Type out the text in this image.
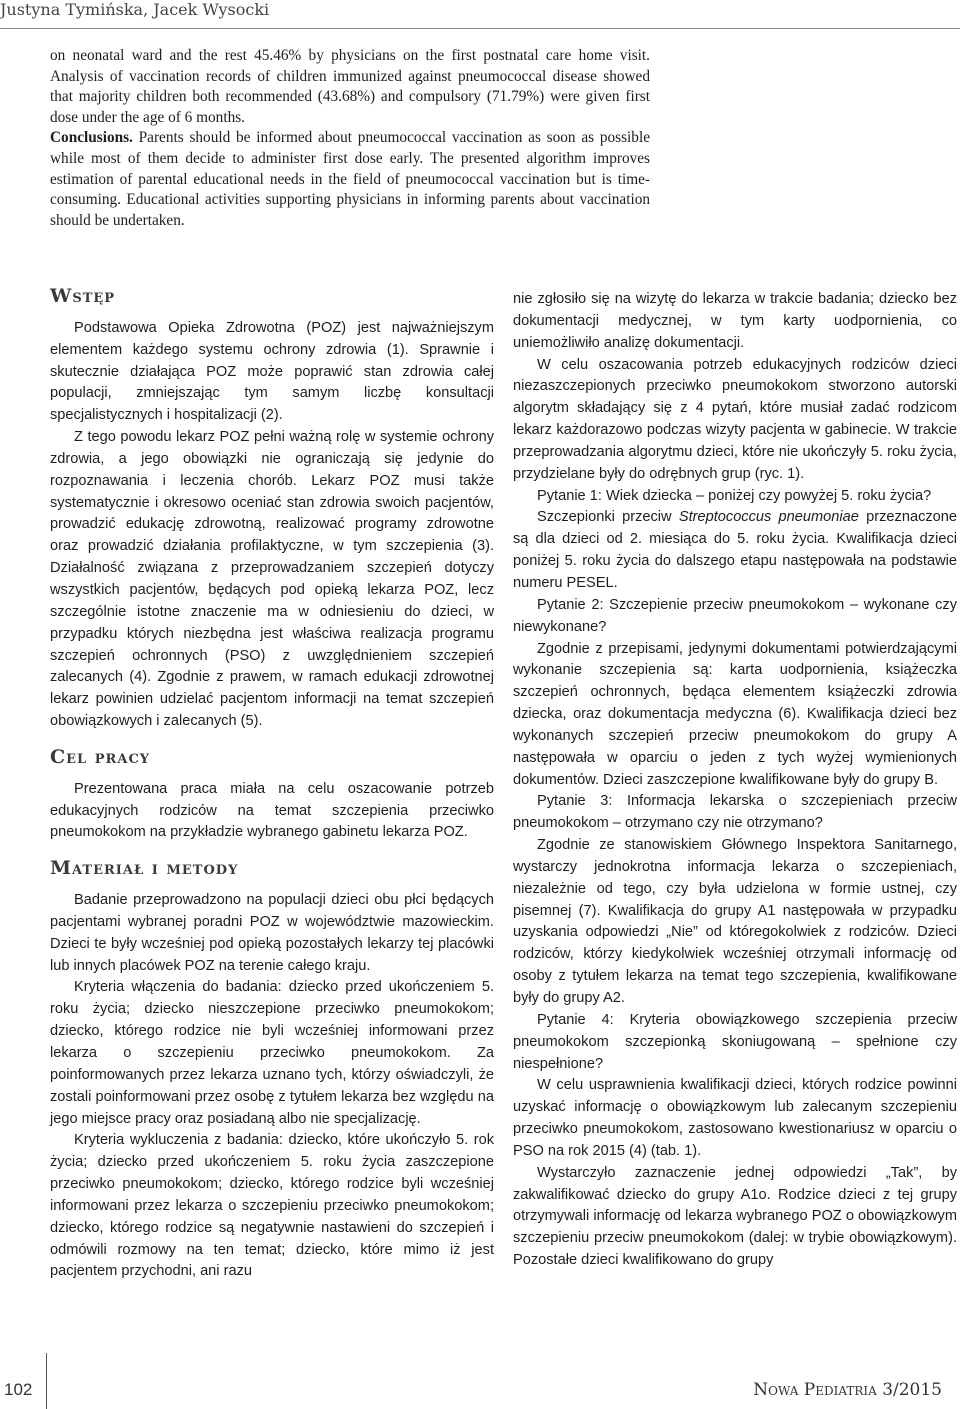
Justyna Tymińska, Jacek Wysocki

on neonatal ward and the rest 45.46% by physicians on the first postnatal care home visit. Analysis of vaccination records of children immunized against pneumococcal disease showed that majority children both recommended (43.68%) and compulsory (71.79%) were given first dose under the age of 6 months.
Conclusions. Parents should be informed about pneumococcal vaccination as soon as possible while most of them decide to administer first dose early. The presented algorithm improves estimation of parental educational needs in the field of pneumococcal vaccination but is time-consuming. Educational activities supporting physicians in informing parents about vaccination should be undertaken.

Wstęp

Podstawowa Opieka Zdrowotna (POZ) jest najważniejszym elementem każdego systemu ochrony zdrowia (1). Sprawnie i skutecznie działająca POZ może poprawić stan zdrowia całej populacji, zmniejszając tym samym liczbę konsultacji specjalistycznych i hospitalizacji (2).

Z tego powodu lekarz POZ pełni ważną rolę w systemie ochrony zdrowia, a jego obowiązki nie ograniczają się jedynie do rozpoznawania i leczenia chorób. Lekarz POZ musi także systematycznie i okresowo oceniać stan zdrowia swoich pacjentów, prowadzić edukację zdrowotną, realizować programy zdrowotne oraz prowadzić działania profilaktyczne, w tym szczepienia (3). Działalność związana z przeprowadzaniem szczepień dotyczy wszystkich pacjentów, będących pod opieką lekarza POZ, lecz szczególnie istotne znaczenie ma w odniesieniu do dzieci, w przypadku których niezbędna jest właściwa realizacja programu szczepień ochronnych (PSO) z uwzględnieniem szczepień zalecanych (4). Zgodnie z prawem, w ramach edukacji zdrowotnej lekarz powinien udzielać pacjentom informacji na temat szczepień obowiązkowych i zalecanych (5).

Cel pracy

Prezentowana praca miała na celu oszacowanie potrzeb edukacyjnych rodziców na temat szczepienia przeciwko pneumokokom na przykładzie wybranego gabinetu lekarza POZ.

Materiał i metody

Badanie przeprowadzono na populacji dzieci obu płci będących pacjentami wybranej poradni POZ w województwie mazowieckim. Dzieci te były wcześniej pod opieką pozostałych lekarzy tej placówki lub innych placówek POZ na terenie całego kraju.

Kryteria włączenia do badania: dziecko przed ukończeniem 5. roku życia; dziecko nieszczepione przeciwko pneumokokom; dziecko, którego rodzice nie byli wcześniej informowani przez lekarza o szczepieniu przeciwko pneumokokom. Za poinformowanych przez lekarza uznano tych, którzy oświadczyli, że zostali poinformowani przez osobę z tytułem lekarza bez względu na jego miejsce pracy oraz posiadaną albo nie specjalizację.

Kryteria wykluczenia z badania: dziecko, które ukończyło 5. rok życia; dziecko przed ukończeniem 5. roku życia zaszczepione przeciwko pneumokokom; dziecko, którego rodzice byli wcześniej informowani przez lekarza o szczepieniu przeciwko pneumokokom; dziecko, którego rodzice są negatywnie nastawieni do szczepień i odmówili rozmowy na ten temat; dziecko, które mimo iż jest pacjentem przychodni, ani razu

nie zgłosiło się na wizytę do lekarza w trakcie badania; dziecko bez dokumentacji medycznej, w tym karty uodpornienia, co uniemożliwiło analizę dokumentacji.

W celu oszacowania potrzeb edukacyjnych rodziców dzieci niezaszczepionych przeciwko pneumokokom stworzono autorski algorytm składający się z 4 pytań, które musiał zadać rodzicom lekarz każdorazowo podczas wizyty pacjenta w gabinecie. W trakcie przeprowadzania algorytmu dzieci, które nie ukończyły 5. roku życia, przydzielane były do odrębnych grup (ryc. 1).

Pytanie 1: Wiek dziecka – poniżej czy powyżej 5. roku życia?

Szczepionki przeciw Streptococcus pneumoniae przeznaczone są dla dzieci od 2. miesiąca do 5. roku życia. Kwalifikacja dzieci poniżej 5. roku życia do dalszego etapu następowała na podstawie numeru PESEL.

Pytanie 2: Szczepienie przeciw pneumokokom – wykonane czy niewykonane?

Zgodnie z przepisami, jedynymi dokumentami potwierdzającymi wykonanie szczepienia są: karta uodpornienia, książeczka szczepień ochronnych, będąca elementem książeczki zdrowia dziecka, oraz dokumentacja medyczna (6). Kwalifikacja dzieci bez wykonanych szczepień przeciw pneumokokom do grupy A następowała w oparciu o jeden z tych wyżej wymienionych dokumentów. Dzieci zaszczepione kwalifikowane były do grupy B.

Pytanie 3: Informacja lekarska o szczepieniach przeciw pneumokokom – otrzymano czy nie otrzymano?

Zgodnie ze stanowiskiem Głównego Inspektora Sanitarnego, wystarczy jednokrotna informacja lekarza o szczepieniach, niezależnie od tego, czy była udzielona w formie ustnej, czy pisemnej (7). Kwalifikacja do grupy A1 następowała w przypadku uzyskania odpowiedzi „Nie” od któregokolwiek z rodziców. Dzieci rodziców, którzy kiedykolwiek wcześniej otrzymali informację od osoby z tytułem lekarza na temat tego szczepienia, kwalifikowane były do grupy A2.

Pytanie 4: Kryteria obowiązkowego szczepienia przeciw pneumokokom szczepionką skoniugowaną – spełnione czy niespełnione?

W celu usprawnienia kwalifikacji dzieci, których rodzice powinni uzyskać informację o obowiązkowym lub zalecanym szczepieniu przeciwko pneumokokom, zastosowano kwestionariusz w oparciu o PSO na rok 2015 (4) (tab. 1).

Wystarczyło zaznaczenie jednej odpowiedzi „Tak”, by zakwalifikować dziecko do grupy A1o. Rodzice dzieci z tej grupy otrzymywali informację od lekarza wybranego POZ o obowiązkowym szczepieniu przeciw pneumokokom (dalej: w trybie obowiązkowym). Pozostałe dzieci kwalifikowano do grupy

102	Nowa Pediatria 3/2015
